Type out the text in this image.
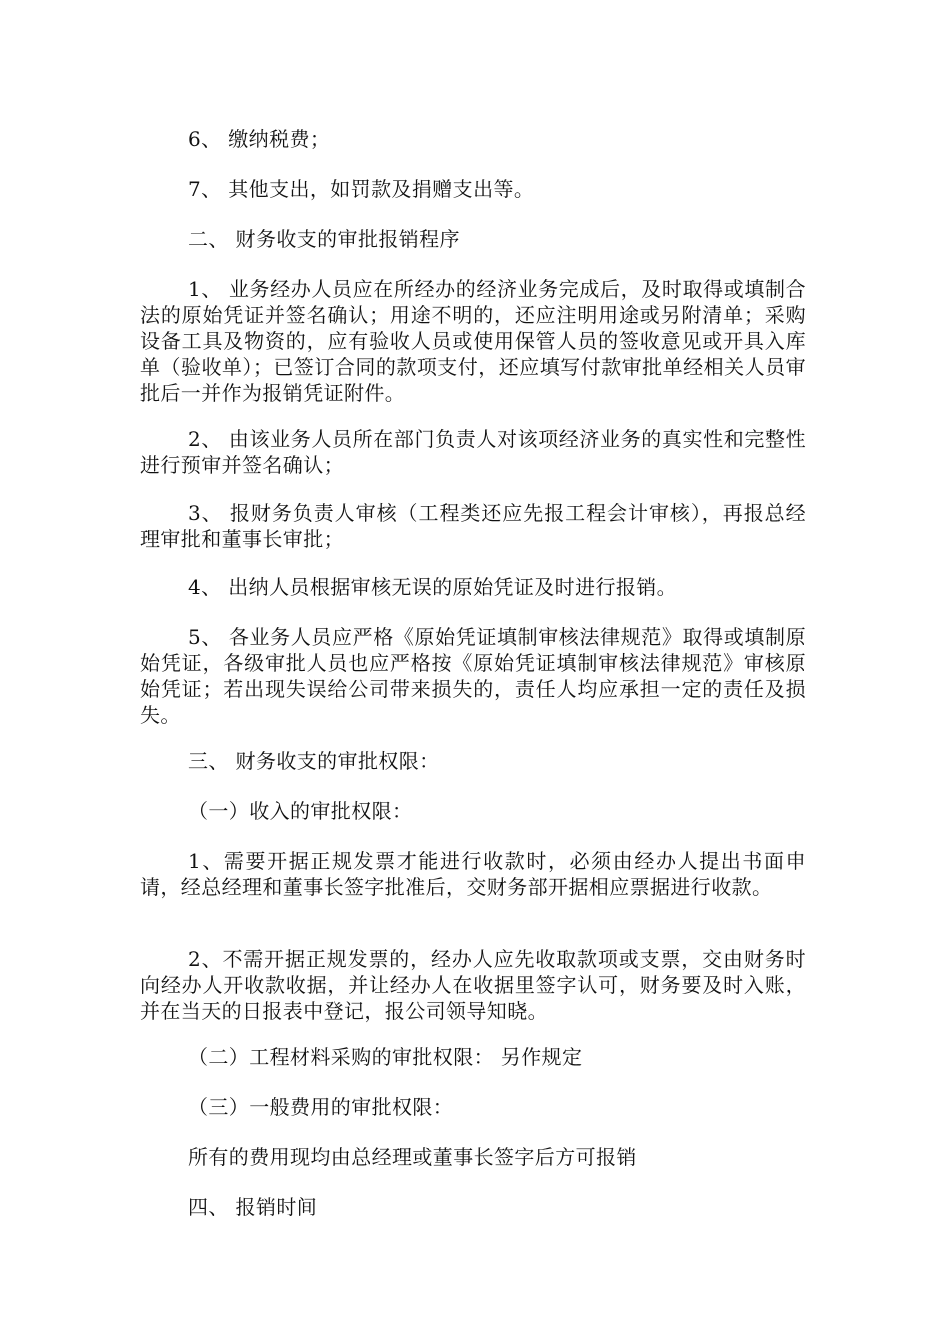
6、 缴纳税费；

7、 其他支出，如罚款及捐赠支出等。

二、 财务收支的审批报销程序

1、 业务经办人员应在所经办的经济业务完成后，及时取得或填制合法的原始凭证并签名确认；用途不明的，还应注明用途或另附清单；采购设备工具及物资的，应有验收人员或使用保管人员的签收意见或开具入库单（验收单）；已签订合同的款项支付，还应填写付款审批单经相关人员审批后一并作为报销凭证附件。

2、 由该业务人员所在部门负责人对该项经济业务的真实性和完整性进行预审并签名确认；

3、 报财务负责人审核（工程类还应先报工程会计审核），再报总经理审批和董事长审批；

4、 出纳人员根据审核无误的原始凭证及时进行报销。

5、 各业务人员应严格《原始凭证填制审核法律规范》取得或填制原始凭证，各级审批人员也应严格按《原始凭证填制审核法律规范》审核原始凭证；若出现失误给公司带来损失的，责任人均应承担一定的责任及损失。

三、 财务收支的审批权限：

（一）收入的审批权限：

1、需要开据正规发票才能进行收款时，必须由经办人提出书面申请，经总经理和董事长签字批准后，交财务部开据相应票据进行收款。

2、不需开据正规发票的，经办人应先收取款项或支票，交由财务时向经办人开收款收据，并让经办人在收据里签字认可，财务要及时入账，并在当天的日报表中登记，报公司领导知晓。

（二）工程材料采购的审批权限： 另作规定

（三）一般费用的审批权限：

所有的费用现均由总经理或董事长签字后方可报销

四、 报销时间
